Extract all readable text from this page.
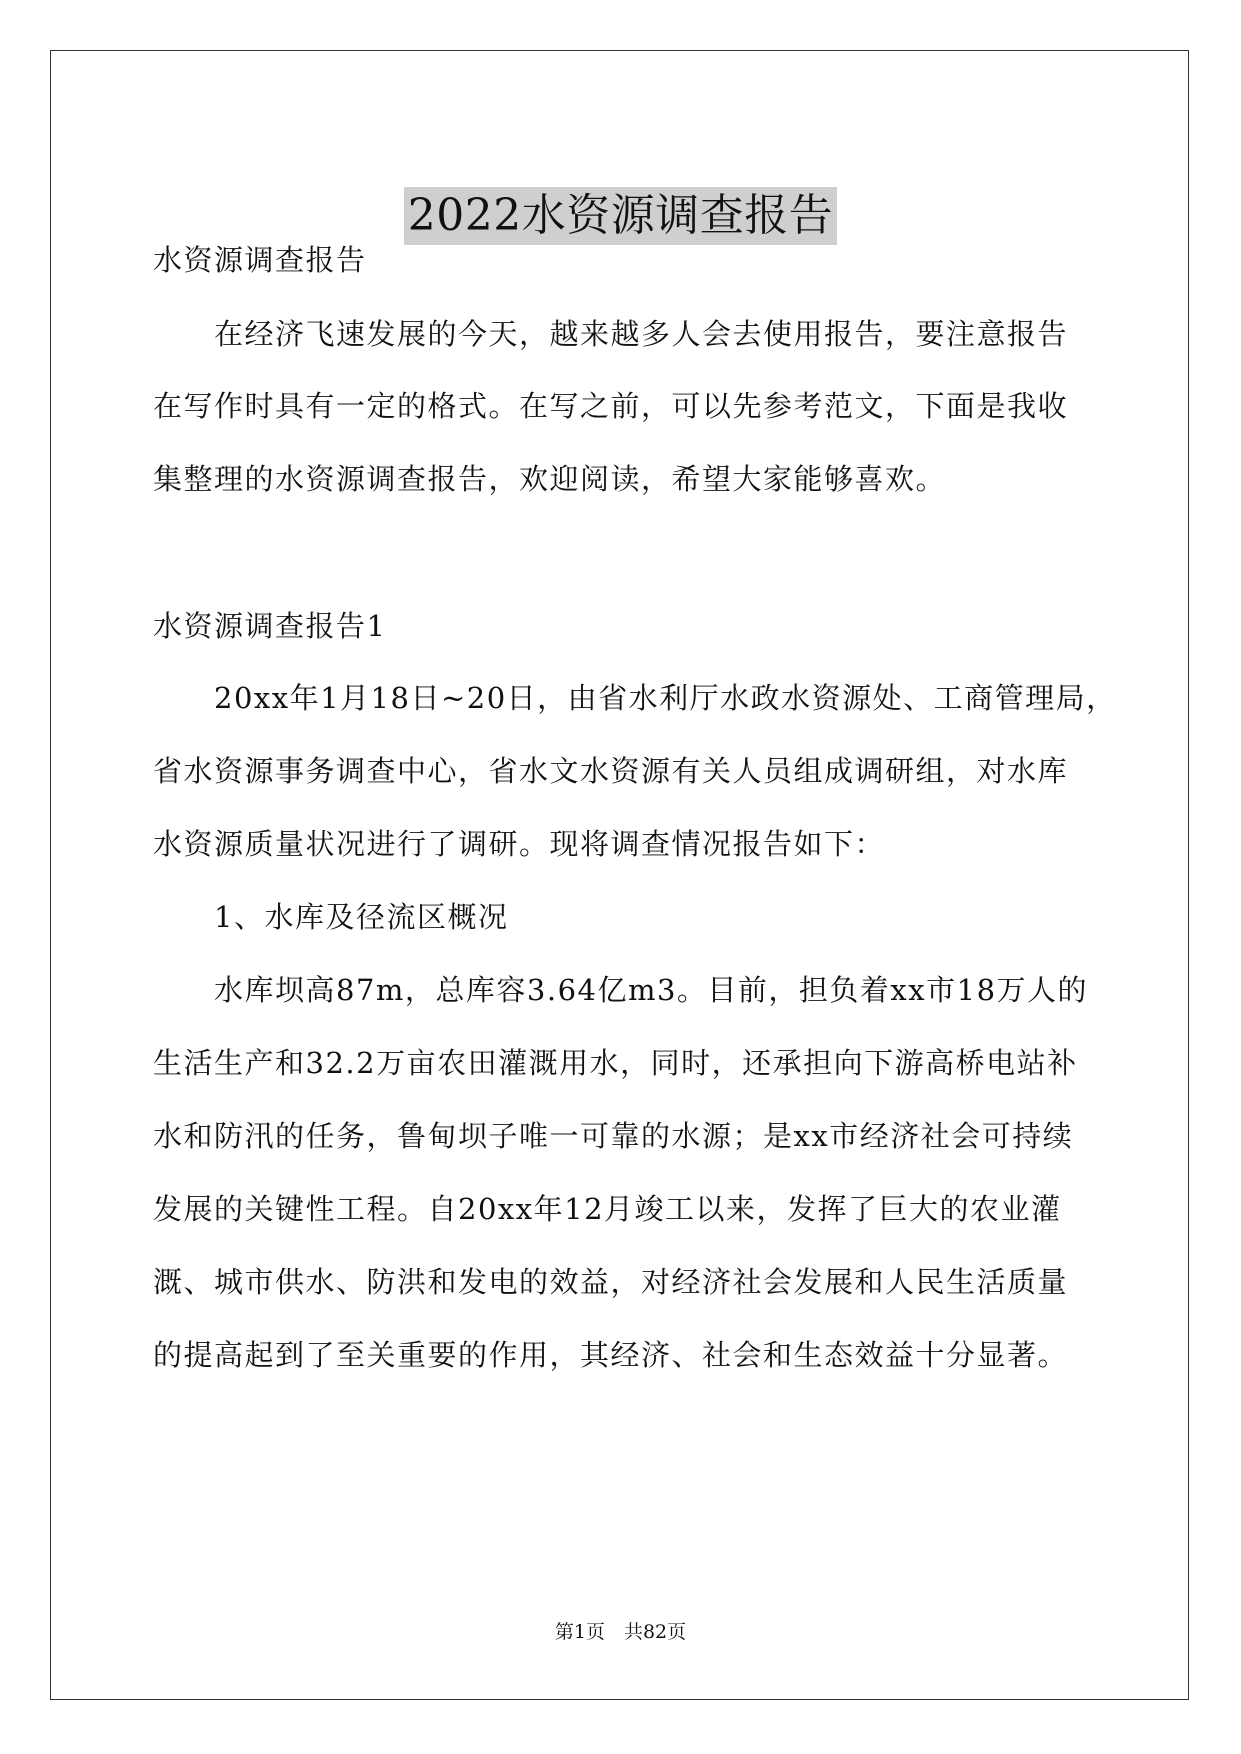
2022水资源调查报告
水资源调查报告
　　在经济飞速发展的今天，越来越多人会去使用报告，要注意报告
在写作时具有一定的格式。在写之前，可以先参考范文，下面是我收
集整理的水资源调查报告，欢迎阅读，希望大家能够喜欢。
水资源调查报告1
　　20xx年1月18日~20日，由省水利厅水政水资源处、工商管理局，
省水资源事务调查中心，省水文水资源有关人员组成调研组，对水库
水资源质量状况进行了调研。现将调查情况报告如下：
　　1、水库及径流区概况
　　水库坝高87m，总库容3.64亿m3。目前，担负着xx市18万人的
生活生产和32.2万亩农田灌溉用水，同时，还承担向下游高桥电站补
水和防汛的任务，鲁甸坝子唯一可靠的水源；是xx市经济社会可持续
发展的关键性工程。自20xx年12月竣工以来，发挥了巨大的农业灌
溉、城市供水、防洪和发电的效益，对经济社会发展和人民生活质量
的提高起到了至关重要的作用，其经济、社会和生态效益十分显著。
第1页　共82页
